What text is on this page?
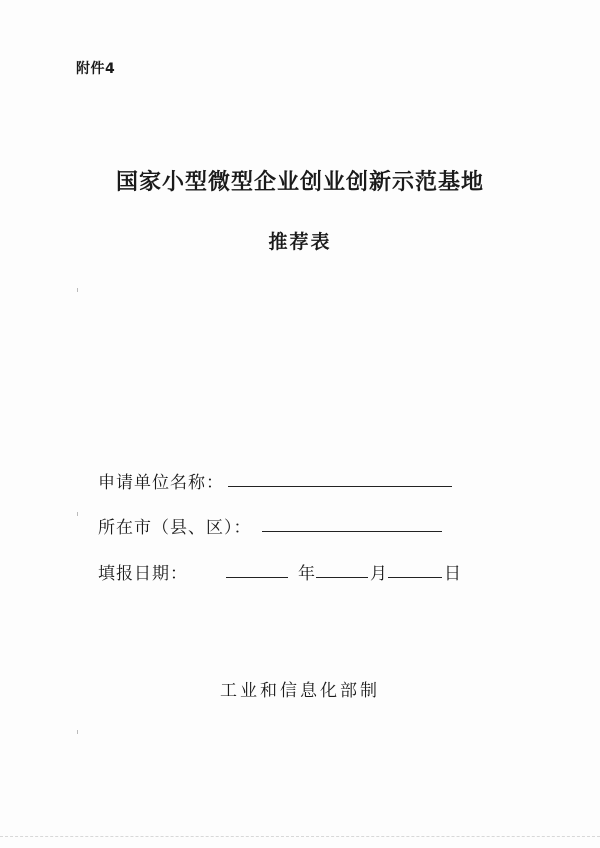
附件4
国家小型微型企业创业创新示范基地
推荐表
申请单位名称：
所在市（县、区）：
填报日期：	年	月	日
工业和信息化部制
